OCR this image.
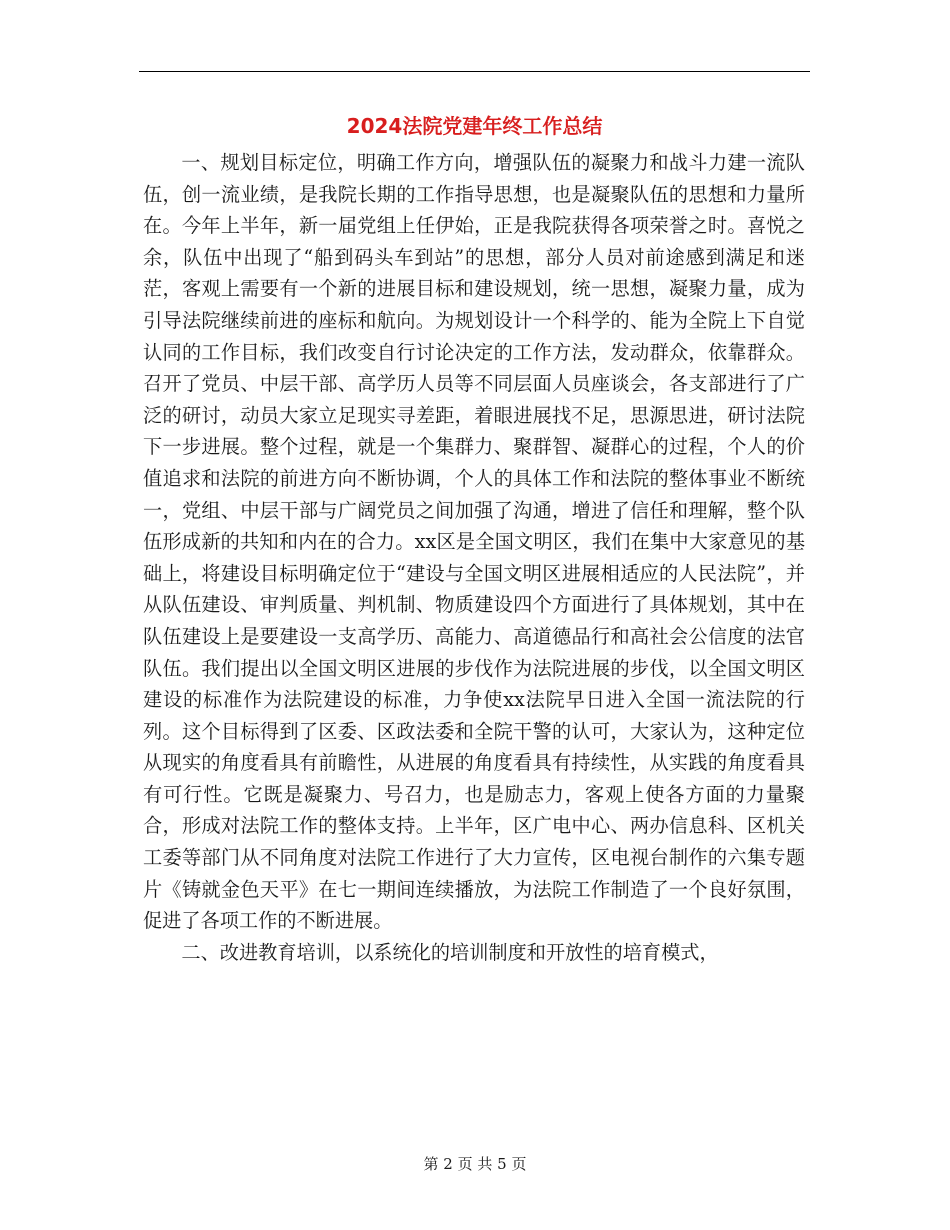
2024法院党建年终工作总结

一、规划目标定位，明确工作方向，增强队伍的凝聚力和战斗力建一流队伍，创一流业绩，是我院长期的工作指导思想，也是凝聚队伍的思想和力量所在。今年上半年，新一届党组上任伊始，正是我院获得各项荣誉之时。喜悦之余，队伍中出现了“船到码头车到站”的思想，部分人员对前途感到满足和迷茫，客观上需要有一个新的进展目标和建设规划，统一思想，凝聚力量，成为引导法院继续前进的座标和航向。为规划设计一个科学的、能为全院上下自觉认同的工作目标，我们改变自行讨论决定的工作方法，发动群众，依靠群众。召开了党员、中层干部、高学历人员等不同层面人员座谈会，各支部进行了广泛的研讨，动员大家立足现实寻差距，着眼进展找不足，思源思进，研讨法院下一步进展。整个过程，就是一个集群力、聚群智、凝群心的过程，个人的价值追求和法院的前进方向不断协调，个人的具体工作和法院的整体事业不断统一，党组、中层干部与广阔党员之间加强了沟通，增进了信任和理解，整个队伍形成新的共知和内在的合力。xx区是全国文明区，我们在集中大家意见的基础上，将建设目标明确定位于“建设与全国文明区进展相适应的人民法院”，并从队伍建设、审判质量、判机制、物质建设四个方面进行了具体规划，其中在队伍建设上是要建设一支高学历、高能力、高道德品行和高社会公信度的法官队伍。我们提出以全国文明区进展的步伐作为法院进展的步伐，以全国文明区建设的标准作为法院建设的标准，力争使xx法院早日进入全国一流法院的行列。这个目标得到了区委、区政法委和全院干警的认可，大家认为，这种定位从现实的角度看具有前瞻性，从进展的角度看具有持续性，从实践的角度看具有可行性。它既是凝聚力、号召力，也是励志力，客观上使各方面的力量聚合，形成对法院工作的整体支持。上半年，区广电中心、两办信息科、区机关工委等部门从不同角度对法院工作进行了大力宣传，区电视台制作的六集专题片《铸就金色天平》在七一期间连续播放，为法院工作制造了一个良好氛围，促进了各项工作的不断进展。

二、改进教育培训，以系统化的培训制度和开放性的培育模式，

第 2 页 共 5 页
